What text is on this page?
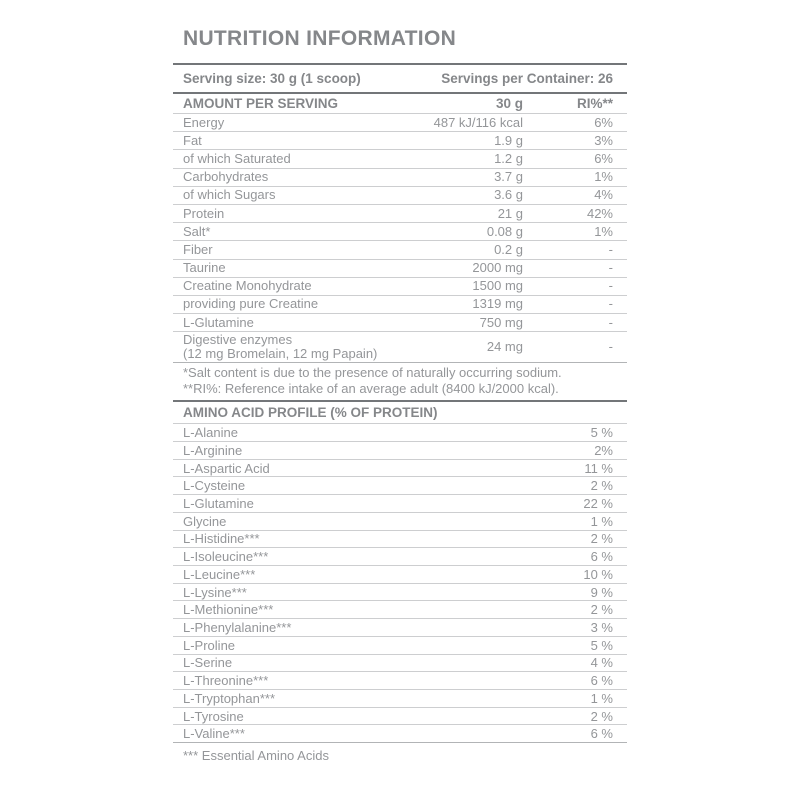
NUTRITION INFORMATION
Serving size: 30 g (1 scoop)	Servings per Container: 26
AMOUNT PER SERVING	30 g	RI%**
Energy	487 kJ/116 kcal	6%
Fat	1.9 g	3%
of which Saturated	1.2 g	6%
Carbohydrates	3.7 g	1%
of which Sugars	3.6 g	4%
Protein	21 g	42%
Salt*	0.08 g	1%
Fiber	0.2 g	-
Taurine	2000 mg	-
Creatine Monohydrate	1500 mg	-
providing pure Creatine	1319 mg	-
L-Glutamine	750 mg	-
Digestive enzymes
(12 mg Bromelain, 12 mg Papain)	24 mg	-
*Salt content is due to the presence of naturally occurring sodium.
**RI%: Reference intake of an average adult (8400 kJ/2000 kcal).
AMINO ACID PROFILE (% OF PROTEIN)
L-Alanine	5 %
L-Arginine	2%
L-Aspartic Acid	11 %
L-Cysteine	2 %
L-Glutamine	22 %
Glycine	1 %
L-Histidine***	2 %
L-Isoleucine***	6 %
L-Leucine***	10 %
L-Lysine***	9 %
L-Methionine***	2 %
L-Phenylalanine***	3 %
L-Proline	5 %
L-Serine	4 %
L-Threonine***	6 %
L-Tryptophan***	1 %
L-Tyrosine	2 %
L-Valine***	6 %
*** Essential Amino Acids
